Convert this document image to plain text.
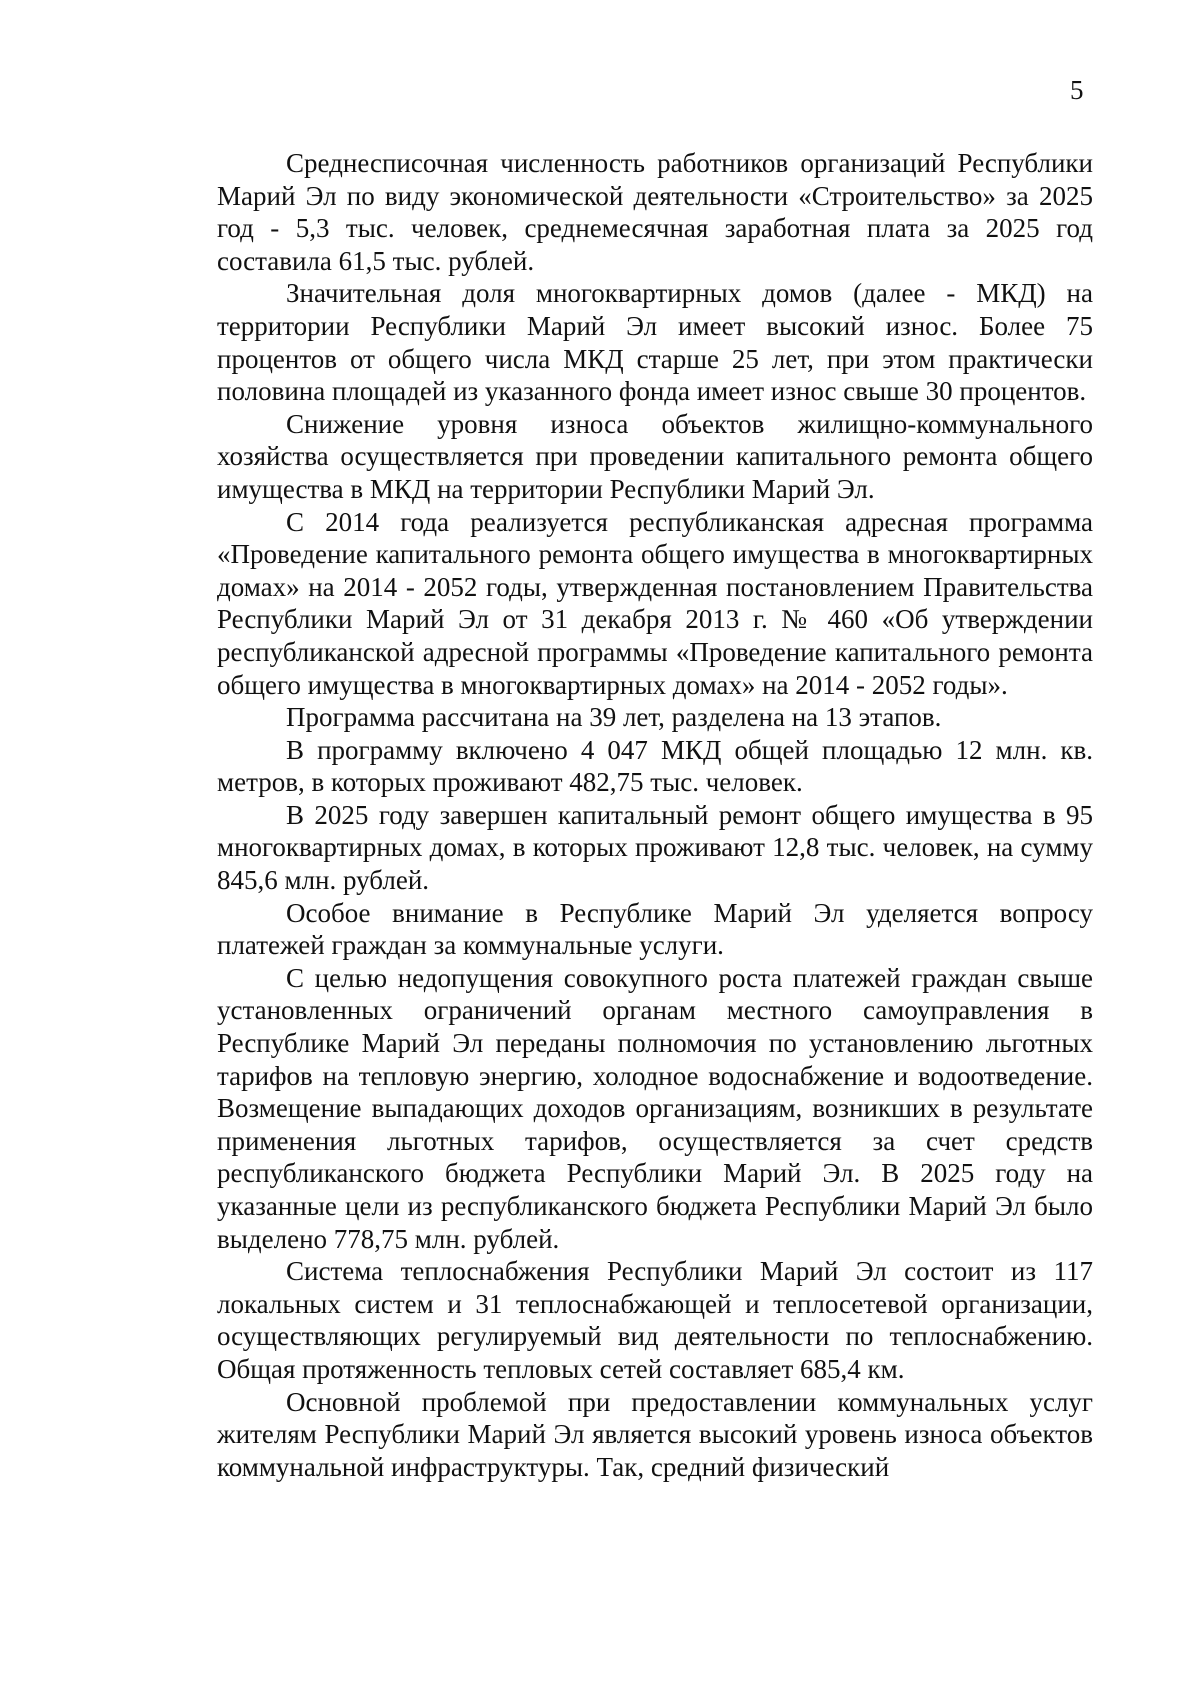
5

Среднесписочная численность работников организаций Республики Марий Эл по виду экономической деятельности «Строительство» за 2025 год - 5,3 тыс. человек, среднемесячная заработная плата за 2025 год составила 61,5 тыс. рублей.

Значительная доля многоквартирных домов (далее - МКД) на территории Республики Марий Эл имеет высокий износ. Более 75 процентов от общего числа МКД старше 25 лет, при этом практически половина площадей из указанного фонда имеет износ свыше 30 процентов.

Снижение уровня износа объектов жилищно-коммунального хозяйства осуществляется при проведении капитального ремонта общего имущества в МКД на территории Республики Марий Эл.

С 2014 года реализуется республиканская адресная программа «Проведение капитального ремонта общего имущества в многоквартирных домах» на 2014 - 2052 годы, утвержденная постановлением Правительства Республики Марий Эл от 31 декабря 2013 г. № 460 «Об утверждении республиканской адресной программы «Проведение капитального ремонта общего имущества в многоквартирных домах» на 2014 - 2052 годы».

Программа рассчитана на 39 лет, разделена на 13 этапов.

В программу включено 4 047 МКД общей площадью 12 млн. кв. метров, в которых проживают 482,75 тыс. человек.

В 2025 году завершен капитальный ремонт общего имущества в 95 многоквартирных домах, в которых проживают 12,8 тыс. человек, на сумму 845,6 млн. рублей.

Особое внимание в Республике Марий Эл уделяется вопросу платежей граждан за коммунальные услуги.

С целью недопущения совокупного роста платежей граждан свыше установленных ограничений органам местного самоуправления в Республике Марий Эл переданы полномочия по установлению льготных тарифов на тепловую энергию, холодное водоснабжение и водоотведение. Возмещение выпадающих доходов организациям, возникших в результате применения льготных тарифов, осуществляется за счет средств республиканского бюджета Республики Марий Эл. В 2025 году на указанные цели из республиканского бюджета Республики Марий Эл было выделено 778,75 млн. рублей.

Система теплоснабжения Республики Марий Эл состоит из 117 локальных систем и 31 теплоснабжающей и теплосетевой организации, осуществляющих регулируемый вид деятельности по теплоснабжению. Общая протяженность тепловых сетей составляет 685,4 км.

Основной проблемой при предоставлении коммунальных услуг жителям Республики Марий Эл является высокий уровень износа объектов коммунальной инфраструктуры. Так, средний физический
